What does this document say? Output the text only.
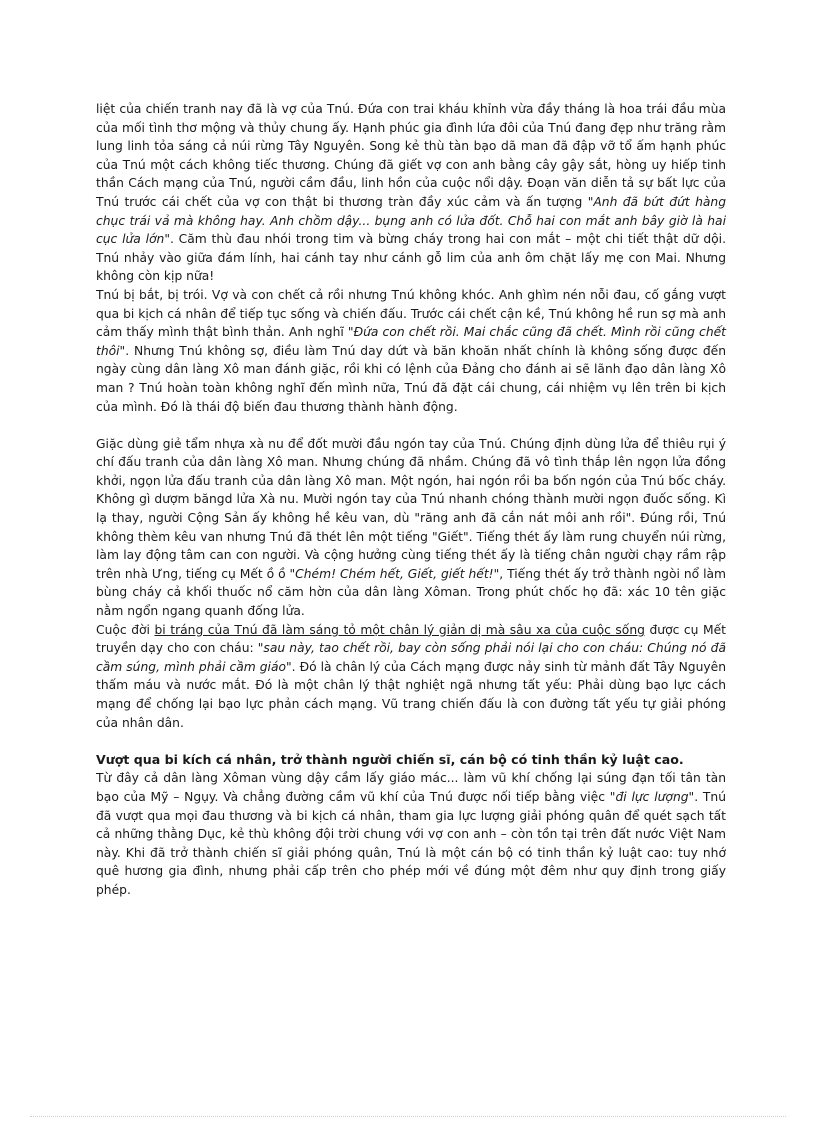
liệt của chiến tranh nay đã là vợ của Tnú. Đứa con trai kháu khỉnh vừa đầy tháng là hoa trái đầu mùa của mối tình thơ mộng và thủy chung ấy. Hạnh phúc gia đình lứa đôi của Tnú đang đẹp như trăng rằm lung linh tỏa sáng cả núi rừng Tây Nguyên. Song kẻ thù tàn bạo dã man đã đập vỡ tổ ấm hạnh phúc của Tnú một cách không tiếc thương. Chúng đã giết vợ con anh bằng cây gậy sắt, hòng uy hiếp tinh thần Cách mạng của Tnú, người cầm đầu, linh hồn của cuộc nổi dậy. Đoạn văn diễn tả sự bất lực của Tnú trước cái chết của vợ con thật bi thương tràn đầy xúc cảm và ấn tượng "Anh đã bứt đứt hàng chục trái vả mà không hay. Anh chồm dậy... bụng anh có lửa đốt. Chỗ hai con mắt anh bây giờ là hai cục lửa lớn". Căm thù đau nhói trong tim và bừng cháy trong hai con mắt – một chi tiết thật dữ dội. Tnú nhảy vào giữa đám lính, hai cánh tay như cánh gỗ lim của anh ôm chặt lấy mẹ con Mai. Nhưng không còn kịp nữa!

Tnú bị bắt, bị trói. Vợ và con chết cả rồi nhưng Tnú không khóc. Anh ghìm nén nỗi đau, cố gắng vượt qua bi kịch cá nhân để tiếp tục sống và chiến đấu. Trước cái chết cận kề, Tnú không hề run sợ mà anh cảm thấy mình thật bình thản. Anh nghĩ "Đứa con chết rồi. Mai chắc cũng đã chết. Mình rồi cũng chết thôi". Nhưng Tnú không sợ, điều làm Tnú day dứt và băn khoăn nhất chính là không sống được đến ngày cùng dân làng Xô man đánh giặc, rồi khi có lệnh của Đảng cho đánh ai sẽ lãnh đạo dân làng Xô man ? Tnú hoàn toàn không nghĩ đến mình nữa, Tnú đã đặt cái chung, cái nhiệm vụ lên trên bi kịch của mình. Đó là thái độ biến đau thương thành hành động.

Giặc dùng giẻ tẩm nhựa xà nu để đốt mười đầu ngón tay của Tnú. Chúng định dùng lửa để thiêu rụi ý chí đấu tranh của dân làng Xô man. Nhưng chúng đã nhầm. Chúng đã vô tình thắp lên ngọn lửa đồng khởi, ngọn lửa đấu tranh của dân làng Xô man. Một ngón, hai ngón rồi ba bốn ngón của Tnú bốc cháy. Không gì dượm băngd lửa Xà nu. Mười ngón tay của Tnú nhanh chóng thành mười ngọn đuốc sống. Kì lạ thay, người Cộng Sản ấy không hề kêu van, dù "răng anh đã cắn nát môi anh rồi". Đúng rồi, Tnú không thèm kêu van nhưng Tnú đã thét lên một tiếng "Giết". Tiếng thét ấy làm rung chuyển núi rừng, làm lay động tâm can con người. Và cộng hưởng cùng tiếng thét ấy là tiếng chân người chạy rầm rập trên nhà Ưng, tiếng cụ Mết ồ ồ "Chém! Chém hết, Giết, giết hết!", Tiếng thét ấy trở thành ngòi nổ làm bùng cháy cả khối thuốc nổ căm hờn của dân làng Xôman. Trong phút chốc họ đã: xác 10 tên giặc nằm ngổn ngang quanh đống lửa.

Cuộc đời bi tráng của Tnú đã làm sáng tỏ một chân lý giản dị mà sâu xa của cuộc sống được cụ Mết truyền dạy cho con cháu: "sau này, tao chết rồi, bay còn sống phải nói lại cho con cháu: Chúng nó đã cầm súng, mình phải cầm giáo". Đó là chân lý của Cách mạng được nảy sinh từ mảnh đất Tây Nguyên thấm máu và nước mắt. Đó là một chân lý thật nghiệt ngã nhưng tất yếu: Phải dùng bạo lực cách mạng để chống lại bạo lực phản cách mạng. Vũ trang chiến đấu là con đường tất yếu tự giải phóng của nhân dân.

Vượt qua bi kích cá nhân, trở thành người chiến sĩ, cán bộ có tinh thần kỷ luật cao.

Từ đây cả dân làng Xôman vùng dậy cầm lấy giáo mác... làm vũ khí chống lại súng đạn tối tân tàn bạo của Mỹ – Ngụy. Và chẳng đường cầm vũ khí của Tnú được nối tiếp bằng việc "đi lực lượng". Tnú đã vượt qua mọi đau thương và bi kịch cá nhân, tham gia lực lượng giải phóng quân để quét sạch tất cả những thằng Dục, kẻ thù không đội trời chung với vợ con anh – còn tồn tại trên đất nước Việt Nam này. Khi đã trở thành chiến sĩ giải phóng quân, Tnú là một cán bộ có tinh thần kỷ luật cao: tuy nhớ quê hương gia đình, nhưng phải cấp trên cho phép mới về đúng một đêm như quy định trong giấy phép.
